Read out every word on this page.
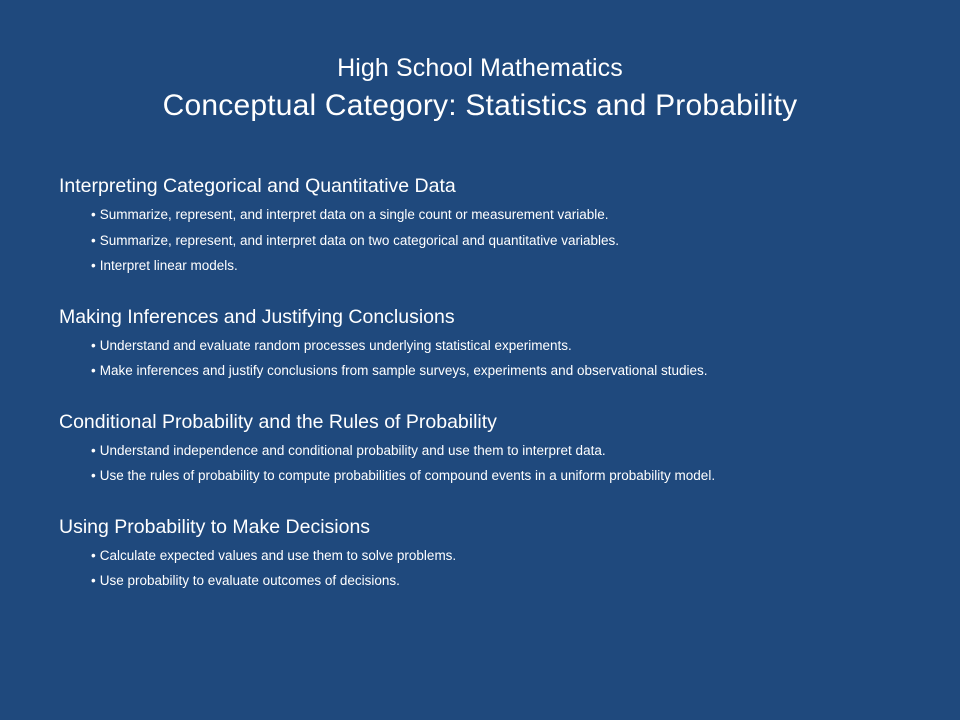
High School Mathematics
Conceptual Category: Statistics and Probability
Interpreting Categorical and Quantitative Data
• Summarize, represent, and interpret data on a single count or measurement variable.
• Summarize, represent, and interpret data on two categorical and quantitative variables.
• Interpret linear models.
Making Inferences and Justifying Conclusions
• Understand and evaluate random processes underlying statistical experiments.
• Make inferences and justify conclusions from sample surveys, experiments and observational studies.
Conditional Probability and the Rules of Probability
• Understand independence and conditional probability and use them to interpret data.
• Use the rules of probability to compute probabilities of compound events in a uniform probability model.
Using Probability to Make Decisions
• Calculate expected values and use them to solve problems.
• Use probability to evaluate outcomes of decisions.
